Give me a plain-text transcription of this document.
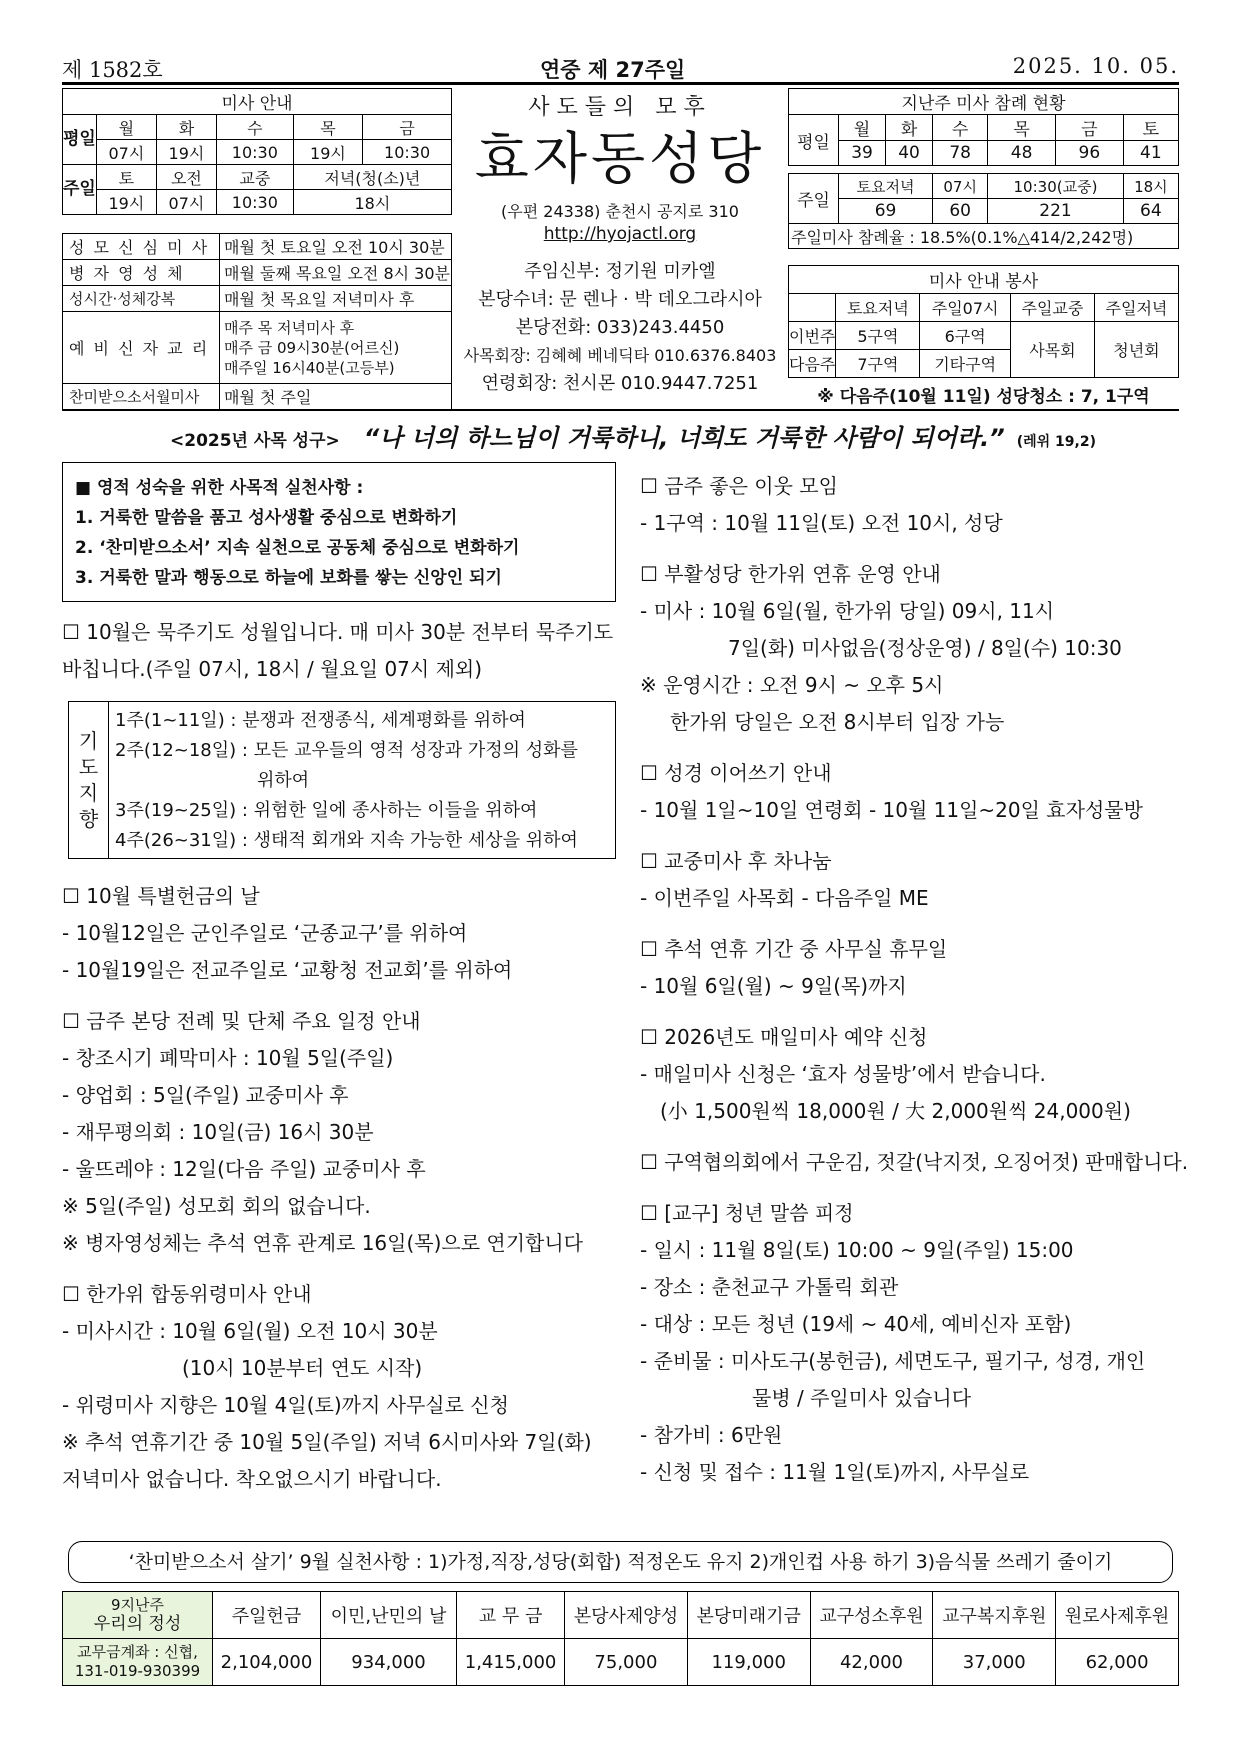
제 1582호	연중 제 27주일	2025. 10. 05.
미사 안내					
평일	월	화	수	목	금
	07시	19시	10:30	19시	10:30
주일	토	오전	교중	저녁(청(소)년	
	19시	07시	10:30	18시	
성 모 신 심 미 사	매월 첫 토요일 오전 10시 30분
병 자 영 성 체	매월 둘째 목요일 오전 8시 30분
성시간·성체강복	매월 첫 목요일 저녁미사 후
예 비 신 자 교 리	매주 목 저녁미사 후
매주 금 09시30분(어르신)
매주일 16시40분(고등부)

찬미받으소서월미사	매월 첫 주일
사도들의 모후
효자동성당
(우편 24338) 춘천시 공지로 310
http://hyojactl.org
주임신부: 정기원 미카엘
본당수녀: 문 렌나 · 박 데오그라시아
본당전화: 033)243.4450
사목회장: 김혜혜 베네딕타 010.6376.8403
연령회장: 천시몬 010.9447.7251
지난주 미사 참례 현황						
평일	월	화	수	목	금	토
	39	40	78	48	96	41

주일	토요저녁		07시	10:30(교중)		18시
	69		60	221		64
주일미사 참례율 : 18.5%(0.1%△414/2,242명)						
미사 안내 봉사				
	토요저녁	주일07시	주일교중	주일저녁
이번주	5구역	6구역	사목회	청년회
다음주	7구역	기타구역		
※ 다음주(10월 11일) 성당청소 : 7, 1구역				
<2025년 사목 성구> “나 너의 하느님이 거룩하니, 너희도 거룩한 사람이 되어라.” (레위 19,2)

■ 영적 성숙을 위한 사목적 실천사항 :

1. 거룩한 말씀을 품고 성사생활 중심으로 변화하기

2. ‘찬미받으소서’ 지속 실천으로 공동체 중심으로 변화하기

3. 거룩한 말과 행동으로 하늘에 보화를 쌓는 신앙인 되기

☐ 10월은 묵주기도 성월입니다. 매 미사 30분 전부터 묵주기도

바칩니다.(주일 07시, 18시 / 월요일 07시 제외)

기
도
지
향

1주(1~11일) : 분쟁과 전쟁종식, 세계평화를 위하여

2주(12~18일) : 모든 교우들의 영적 성장과 가정의 성화를

위하여

3주(19~25일) : 위험한 일에 종사하는 이들을 위하여

4주(26~31일) : 생태적 회개와 지속 가능한 세상을 위하여

☐ 10월 특별헌금의 날

- 10월12일은 군인주일로 ‘군종교구’를 위하여

- 10월19일은 전교주일로 ‘교황청 전교회’를 위하여

☐ 금주 본당 전례 및 단체 주요 일정 안내

- 창조시기 폐막미사 : 10월 5일(주일)

- 양업회 : 5일(주일) 교중미사 후

- 재무평의회 : 10일(금) 16시 30분

- 울뜨레야 : 12일(다음 주일) 교중미사 후

※ 5일(주일) 성모회 회의 없습니다.

※ 병자영성체는 추석 연휴 관계로 16일(목)으로 연기합니다

☐ 한가위 합동위령미사 안내

- 미사시간 : 10월 6일(월) 오전 10시 30분

(10시 10분부터 연도 시작)

- 위령미사 지향은 10월 4일(토)까지 사무실로 신청

※ 추석 연휴기간 중 10월 5일(주일) 저녁 6시미사와 7일(화)

저녁미사 없습니다. 착오없으시기 바랍니다.

☐ 금주 좋은 이웃 모임

- 1구역 : 10월 11일(토) 오전 10시, 성당

☐ 부활성당 한가위 연휴 운영 안내

- 미사 : 10월 6일(월, 한가위 당일) 09시, 11시

7일(화) 미사없음(정상운영) / 8일(수) 10:30

※ 운영시간 : 오전 9시 ~ 오후 5시

한가위 당일은 오전 8시부터 입장 가능

☐ 성경 이어쓰기 안내

- 10월 1일~10일 연령회 - 10월 11일~20일 효자성물방

☐ 교중미사 후 차나눔

- 이번주일 사목회 - 다음주일 ME

☐ 추석 연휴 기간 중 사무실 휴무일

- 10월 6일(월) ~ 9일(목)까지

☐ 2026년도 매일미사 예약 신청

- 매일미사 신청은 ‘효자 성물방’에서 받습니다.

(小 1,500원씩 18,000원 / 大 2,000원씩 24,000원)

☐ 구역협의회에서 구운김, 젓갈(낙지젓, 오징어젓) 판매합니다.

☐ [교구] 청년 말씀 피정

- 일시 : 11월 8일(토) 10:00 ~ 9일(주일) 15:00

- 장소 : 춘천교구 가톨릭 회관

- 대상 : 모든 청년 (19세 ~ 40세, 예비신자 포함)

- 준비물 : 미사도구(봉헌금), 세면도구, 필기구, 성경, 개인

물병 / 주일미사 있습니다

- 참가비 : 6만원

- 신청 및 접수 : 11월 1일(토)까지, 사무실로

‘찬미받으소서 살기’ 9월 실천사항 : 1)가정,직장,성당(회합) 적정온도 유지 2)개인컵 사용 하기 3)음식물 쓰레기 줄이기
9지난주
우리의 정성	주일헌금	이민,난민의 날	교 무 금	본당사제양성	본당미래기금	교구성소후원	교구복지후원	원로사제후원

교무금계좌 : 신협,
131-019-930399	2,104,000	934,000	1,415,000	75,000	119,000	42,000	37,000	62,000
